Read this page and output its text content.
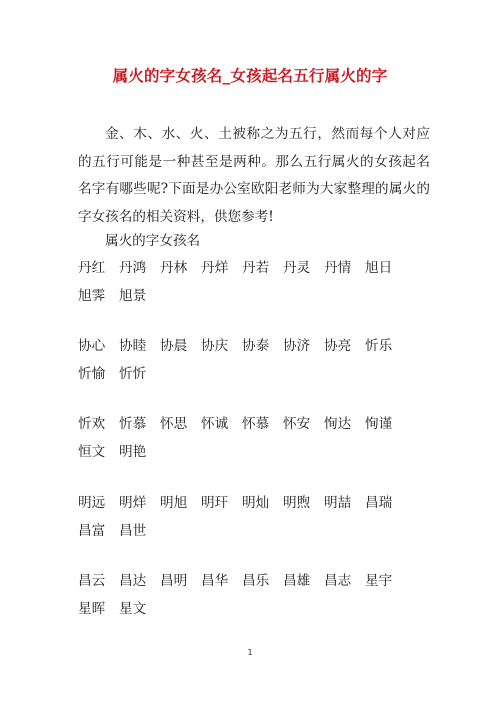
属火的字女孩名_女孩起名五行属火的字

金、木、水、火、土被称之为五行，然而每个人对应的五行可能是一种甚至是两种。那么五行属火的女孩起名名字有哪些呢?下面是办公室欧阳老师为大家整理的属火的字女孩名的相关资料，供您参考!

属火的字女孩名
丹红	丹鸿	丹林	丹烊	丹若	丹灵	丹情	旭日
旭霁	旭景
协心	协睦	协晨	协庆	协泰	协济	协亮	忻乐
忻愉	忻忻
忻欢	忻慕	怀思	怀诚	怀慕	怀安	恂达	恂谨
恒文	明艳
明远	明烊	明旭	明玕	明灿	明煦	明喆	昌瑞
昌富	昌世
昌云	昌达	昌明	昌华	昌乐	昌雄	昌志	星宇
星晖	星文
1
